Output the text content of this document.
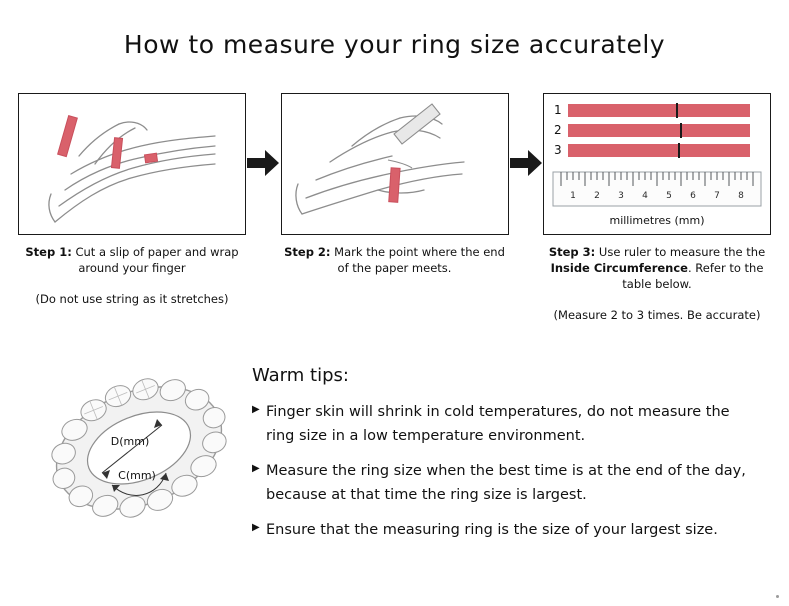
How to measure your ring size accurately
Step 1: Cut a slip of paper and wrap around your finger
(Do not use string as it stretches)
Step 2: Mark the point where the end of the paper meets.
1
2
3
1 2 3 4 5 6 7 8
millimetres (mm)
Step 3: Use ruler to measure the the Inside Circumference. Refer to the table below.
(Measure 2 to 3 times. Be accurate)
D(mm)
C(mm)
Warm tips:
▶ Finger skin will shrink in cold temperatures, do not measure the ring size in a low temperature environment.
▶ Measure the ring size when the best time is at the end of the day, because at that time the ring size is largest.
▶ Ensure that the measuring ring is the size of your largest size.
